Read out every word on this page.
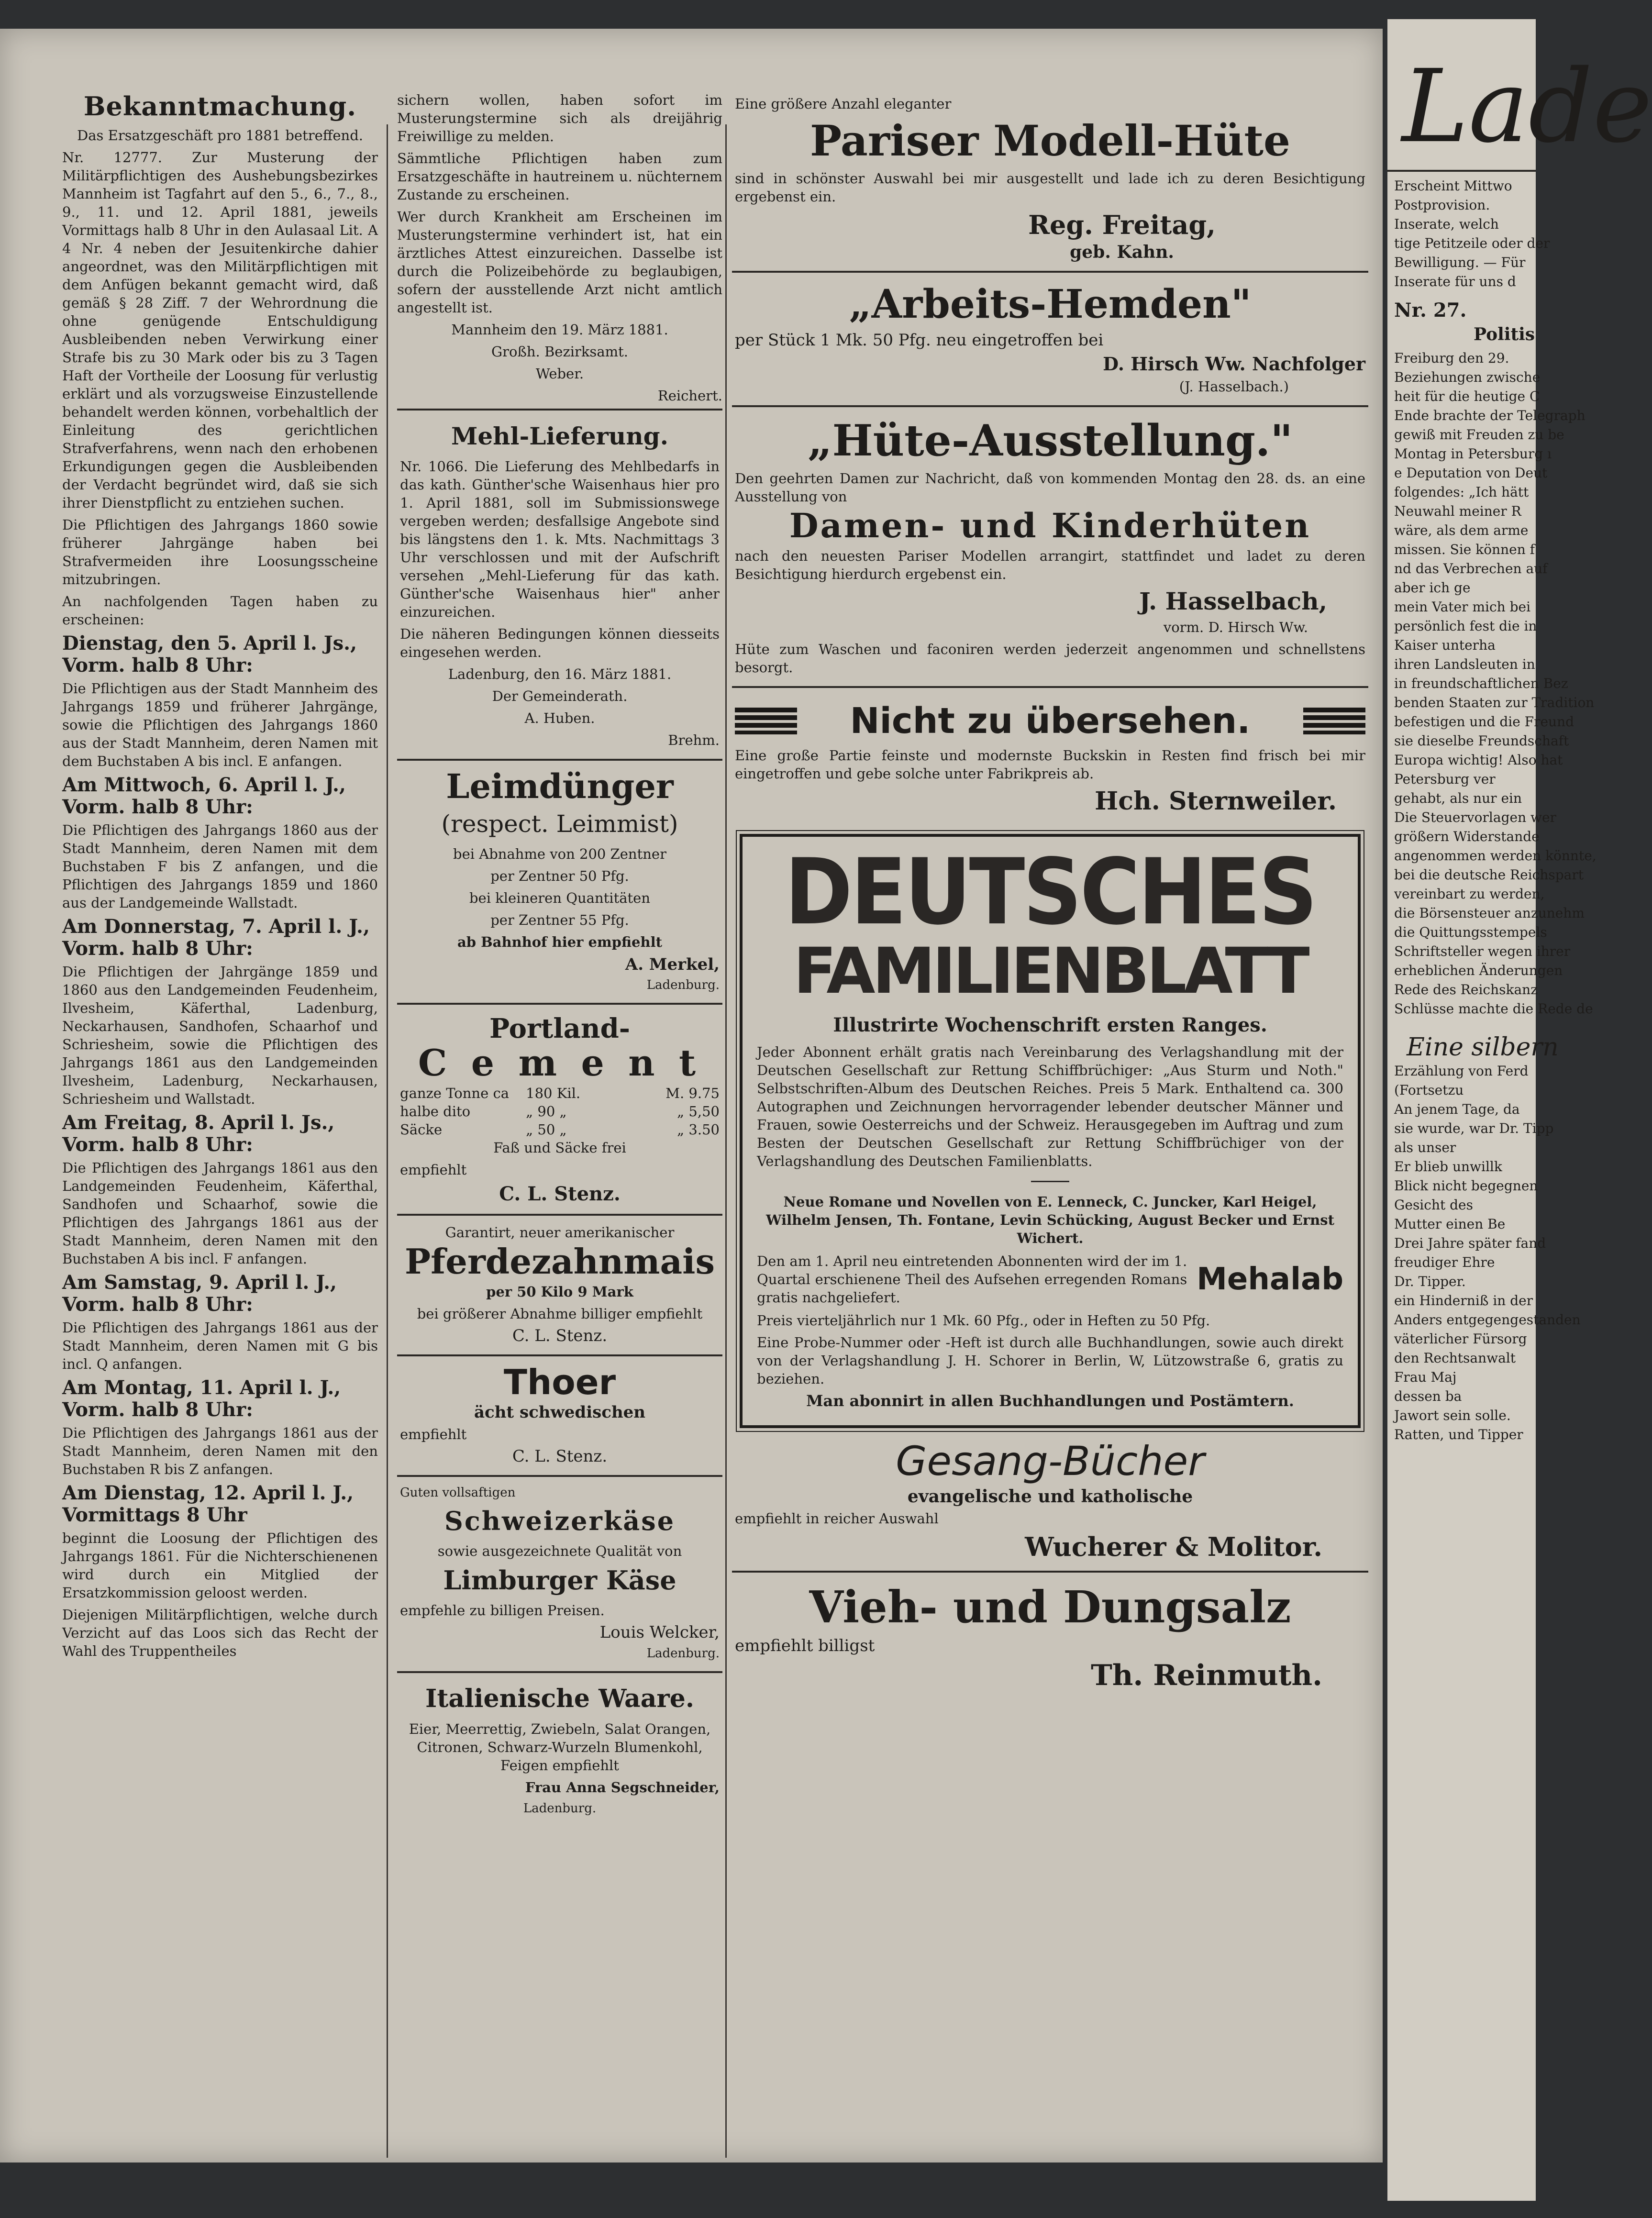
Bekanntmachung.

Das Ersatzgeschäft pro 1881 betreffend.

Nr. 12777. Zur Musterung der Militärpflichtigen des Aushebungsbezirkes Mannheim ist Tagfahrt auf den 5., 6., 7., 8., 9., 11. und 12. April 1881, jeweils Vormittags halb 8 Uhr in den Aulasaal Lit. A 4 Nr. 4 neben der Jesuitenkirche dahier angeordnet, was den Militärpflichtigen mit dem Anfügen bekannt gemacht wird, daß gemäß § 28 Ziff. 7 der Wehrordnung die ohne genügende Entschuldigung Ausbleibenden neben Verwirkung einer Strafe bis zu 30 Mark oder bis zu 3 Tagen Haft der Vortheile der Loosung für verlustig erklärt und als vorzugsweise Einzustellende behandelt werden können, vorbehaltlich der Einleitung des gerichtlichen Strafverfahrens, wenn nach den erhobenen Erkundigungen gegen die Ausbleibenden der Verdacht begründet wird, daß sie sich ihrer Dienstpflicht zu entziehen suchen.

Die Pflichtigen des Jahrgangs 1860 sowie früherer Jahrgänge haben bei Strafvermeiden ihre Loosungsscheine mitzubringen.

An nachfolgenden Tagen haben zu erscheinen:

Dienstag, den 5. April l. Js., Vorm. halb 8 Uhr:

Die Pflichtigen aus der Stadt Mannheim des Jahrgangs 1859 und früherer Jahrgänge, sowie die Pflichtigen des Jahrgangs 1860 aus der Stadt Mannheim, deren Namen mit dem Buchstaben A bis incl. E anfangen.

Am Mittwoch, 6. April l. J., Vorm. halb 8 Uhr:

Die Pflichtigen des Jahrgangs 1860 aus der Stadt Mannheim, deren Namen mit dem Buchstaben F bis Z anfangen, und die Pflichtigen des Jahrgangs 1859 und 1860 aus der Landgemeinde Wallstadt.

Am Donnerstag, 7. April l. J., Vorm. halb 8 Uhr:

Die Pflichtigen der Jahrgänge 1859 und 1860 aus den Landgemeinden Feudenheim, Ilvesheim, Käferthal, Ladenburg, Neckarhausen, Sandhofen, Schaarhof und Schriesheim, sowie die Pflichtigen des Jahrgangs 1861 aus den Landgemeinden Ilvesheim, Ladenburg, Neckarhausen, Schriesheim und Wallstadt.

Am Freitag, 8. April l. Js., Vorm. halb 8 Uhr:

Die Pflichtigen des Jahrgangs 1861 aus den Landgemeinden Feudenheim, Käferthal, Sandhofen und Schaarhof, sowie die Pflichtigen des Jahrgangs 1861 aus der Stadt Mannheim, deren Namen mit den Buchstaben A bis incl. F anfangen.

Am Samstag, 9. April l. J., Vorm. halb 8 Uhr:

Die Pflichtigen des Jahrgangs 1861 aus der Stadt Mannheim, deren Namen mit G bis incl. Q anfangen.

Am Montag, 11. April l. J., Vorm. halb 8 Uhr:

Die Pflichtigen des Jahrgangs 1861 aus der Stadt Mannheim, deren Namen mit den Buchstaben R bis Z anfangen.

Am Dienstag, 12. April l. J., Vormittags 8 Uhr

beginnt die Loosung der Pflichtigen des Jahrgangs 1861. Für die Nichterschienenen wird durch ein Mitglied der Ersatzkommission geloost werden.

Diejenigen Militärpflichtigen, welche durch Verzicht auf das Loos sich das Recht der Wahl des Truppentheiles

sichern wollen, haben sofort im Musterungstermine sich als dreijährig Freiwillige zu melden.

Sämmtliche Pflichtigen haben zum Ersatzgeschäfte in hautreinem u. nüchternem Zustande zu erscheinen.

Wer durch Krankheit am Erscheinen im Musterungstermine verhindert ist, hat ein ärztliches Attest einzureichen. Dasselbe ist durch die Polizeibehörde zu beglaubigen, sofern der ausstellende Arzt nicht amtlich angestellt ist.

Mannheim den 19. März 1881.

Großh. Bezirksamt.

Weber.

Reichert.

Mehl-Lieferung.

Nr. 1066. Die Lieferung des Mehlbedarfs in das kath. Günther'sche Waisenhaus hier pro 1. April 1881, soll im Submissionswege vergeben werden; desfallsige Angebote sind bis längstens den 1. k. Mts. Nachmittags 3 Uhr verschlossen und mit der Aufschrift versehen „Mehl-Lieferung für das kath. Günther'sche Waisenhaus hier" anher einzureichen.

Die näheren Bedingungen können diesseits eingesehen werden.

Ladenburg, den 16. März 1881.

Der Gemeinderath.

A. Huben.

Brehm.

Leimdünger
(respect. Leimmist)

bei Abnahme von 200 Zentner

per Zentner 50 Pfg.

bei kleineren Quantitäten

per Zentner 55 Pfg.

ab Bahnhof hier empfiehlt

A. Merkel,

Ladenburg.

Portland-
C e m e n t
ganze Tonne ca	180 Kil.	M. 9.75
halbe dito	„ 90 „	„ 5,50
Säcke	„ 50 „	„ 3.50

Faß und Säcke frei

empfiehlt

C. L. Stenz.

Garantirt, neuer amerikanischer

Pferdezahnmais

per 50 Kilo 9 Mark

bei größerer Abnahme billiger empfiehlt

C. L. Stenz.

Thoer

ächt schwedischen

empfiehlt

C. L. Stenz.

Guten vollsaftigen

Schweizerkäse

sowie ausgezeichnete Qualität von

Limburger Käse

empfehle zu billigen Preisen.

Louis Welcker,

Ladenburg.

Italienische Waare.

Eier, Meerrettig, Zwiebeln, Salat Orangen, Citronen, Schwarz-Wurzeln Blumenkohl, Feigen empfiehlt

Frau Anna Segschneider,

Ladenburg.

Eine größere Anzahl eleganter

Pariser Modell-Hüte

sind in schönster Auswahl bei mir ausgestellt und lade ich zu deren Besichtigung ergebenst ein.

Reg. Freitag,

geb. Kahn.

„Arbeits-Hemden"

per Stück 1 Mk. 50 Pfg. neu eingetroffen bei

D. Hirsch Ww. Nachfolger

(J. Hasselbach.)

„Hüte-Ausstellung."

Den geehrten Damen zur Nachricht, daß von kommenden Montag den 28. ds. an eine Ausstellung von

Damen- und Kinderhüten

nach den neuesten Pariser Modellen arrangirt, stattfindet und ladet zu deren Besichtigung hierdurch ergebenst ein.

J. Hasselbach,

vorm. D. Hirsch Ww.

Hüte zum Waschen und faconiren werden jederzeit angenommen und schnellstens besorgt.

Nicht zu übersehen.

Eine große Partie feinste und modernste Buckskin in Resten find frisch bei mir eingetroffen und gebe solche unter Fabrikpreis ab.

Hch. Sternweiler.
DEUTSCHES
FAMILIENBLATT
Illustrirte Wochenschrift ersten Ranges.

Jeder Abonnent erhält gratis nach Vereinbarung des Verlagshandlung mit der Deutschen Gesellschaft zur Rettung Schiffbrüchiger: „Aus Sturm und Noth." Selbstschriften-Album des Deutschen Reiches. Preis 5 Mark. Enthaltend ca. 300 Autographen und Zeichnungen hervorragender lebender deutscher Männer und Frauen, sowie Oesterreichs und der Schweiz. Herausgegeben im Auftrag und zum Besten der Deutschen Gesellschaft zur Rettung Schiffbrüchiger von der Verlagshandlung des Deutschen Familienblatts.

Neue Romane und Novellen von E. Lenneck, C. Juncker, Karl Heigel, Wilhelm Jensen, Th. Fontane, Levin Schücking, August Becker und Ernst Wichert.

Den am 1. April neu eintretenden Abonnenten wird der im 1. Quartal erschienene Theil des Aufsehen erregenden Romans gratis nachgeliefert.

Mehalab

Preis vierteljährlich nur 1 Mk. 60 Pfg., oder in Heften zu 50 Pfg.

Eine Probe-Nummer oder -Heft ist durch alle Buchhandlungen, sowie auch direkt von der Verlagshandlung J. H. Schorer in Berlin, W, Lützowstraße 6, gratis zu beziehen.

Man abonnirt in allen Buchhandlungen und Postämtern.

Gesang-Bücher

evangelische und katholische

empfiehlt in reicher Auswahl

Wucherer & Molitor.
Vieh- und Dungsalz

empfiehlt billigst

Th. Reinmuth.
Lade
Erscheint Mittwo
Postprovision.
Inserate, welch
tige Petitzeile oder der
Bewilligung. — Für
Inserate für uns d
Nr. 27.
Politis
Freiburg den 29.
Beziehungen zwische
heit für die heutige C
Ende brachte der Telegraph
gewiß mit Freuden zu be
Montag in Petersburg ı
e Deputation von Deut
folgendes: „Ich hätt
Neuwahl meiner R
wäre, als dem arme
missen. Sie können f
nd das Verbrechen auf
aber ich ge
mein Vater mich bei
persönlich fest die in
Kaiser unterha
ihren Landsleuten in
in freundschaftlichen Bez
benden Staaten zur Tradition
befestigen und die Freund
sie dieselbe Freundschaft
Europa wichtig! Also hat
Petersburg ver
gehabt, als nur ein
Die Steuervorlagen wer
größern Widerstande
angenommen werden könnte,
bei die deutsche Reichspart
vereinbart zu werden,
die Börsensteuer anzunehm
die Quittungsstempels
Schriftsteller wegen ihrer
erheblichen Änderungen
Rede des Reichskanz
Schlüsse machte die Rede de
Eine silbern
Erzählung von Ferd
(Fortsetzu
An jenem Tage, da
sie wurde, war Dr. Tipp
als unser
Er blieb unwillk
Blick nicht begegnen
Gesicht des
Mutter einen Be
Drei Jahre später fand
freudiger Ehre
Dr. Tipper.
ein Hinderniß in der
Anders entgegengestanden
väterlicher Fürsorg
den Rechtsanwalt
Frau Maj
dessen ba
Jawort sein solle.
Ratten, und Tipper
